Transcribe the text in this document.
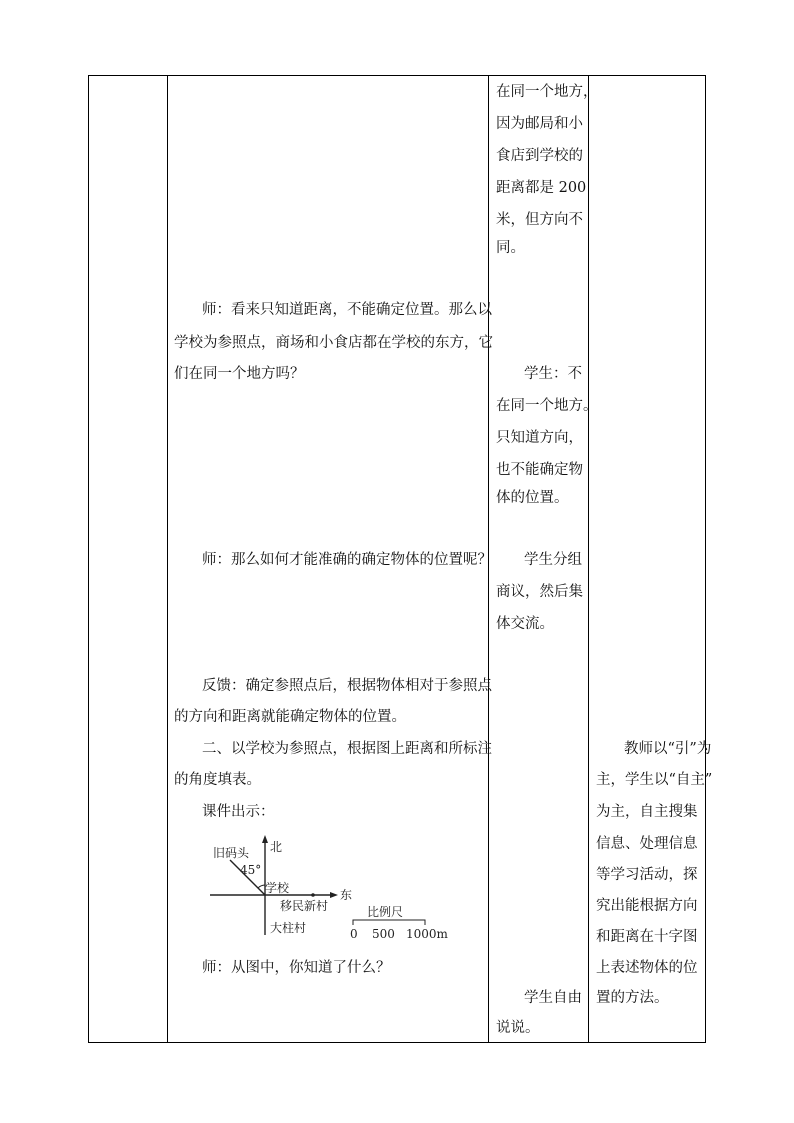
在同一个地方，
因为邮局和小
食店到学校的
距离都是 200
米，但方向不
同。
学生：不
在同一个地方。
只知道方向，
也不能确定物
体的位置。
学生分组
商议，然后集
体交流。
学生自由
说说。
师：看来只知道距离，不能确定位置。那么以
学校为参照点，商场和小食店都在学校的东方，它
们在同一个地方吗？
师：那么如何才能准确的确定物体的位置呢？
反馈：确定参照点后，根据物体相对于参照点
的方向和距离就能确定物体的位置。
二、以学校为参照点，根据图上距离和所标注
的角度填表。
课件出示：
北
东
旧码头
45°
学校
移民新村
大柱村
比例尺
0 500 1000m
师：从图中，你知道了什么？
教师以“引”为
主，学生以“自主”
为主，自主搜集
信息、处理信息
等学习活动，探
究出能根据方向
和距离在十字图
上表述物体的位
置的方法。
